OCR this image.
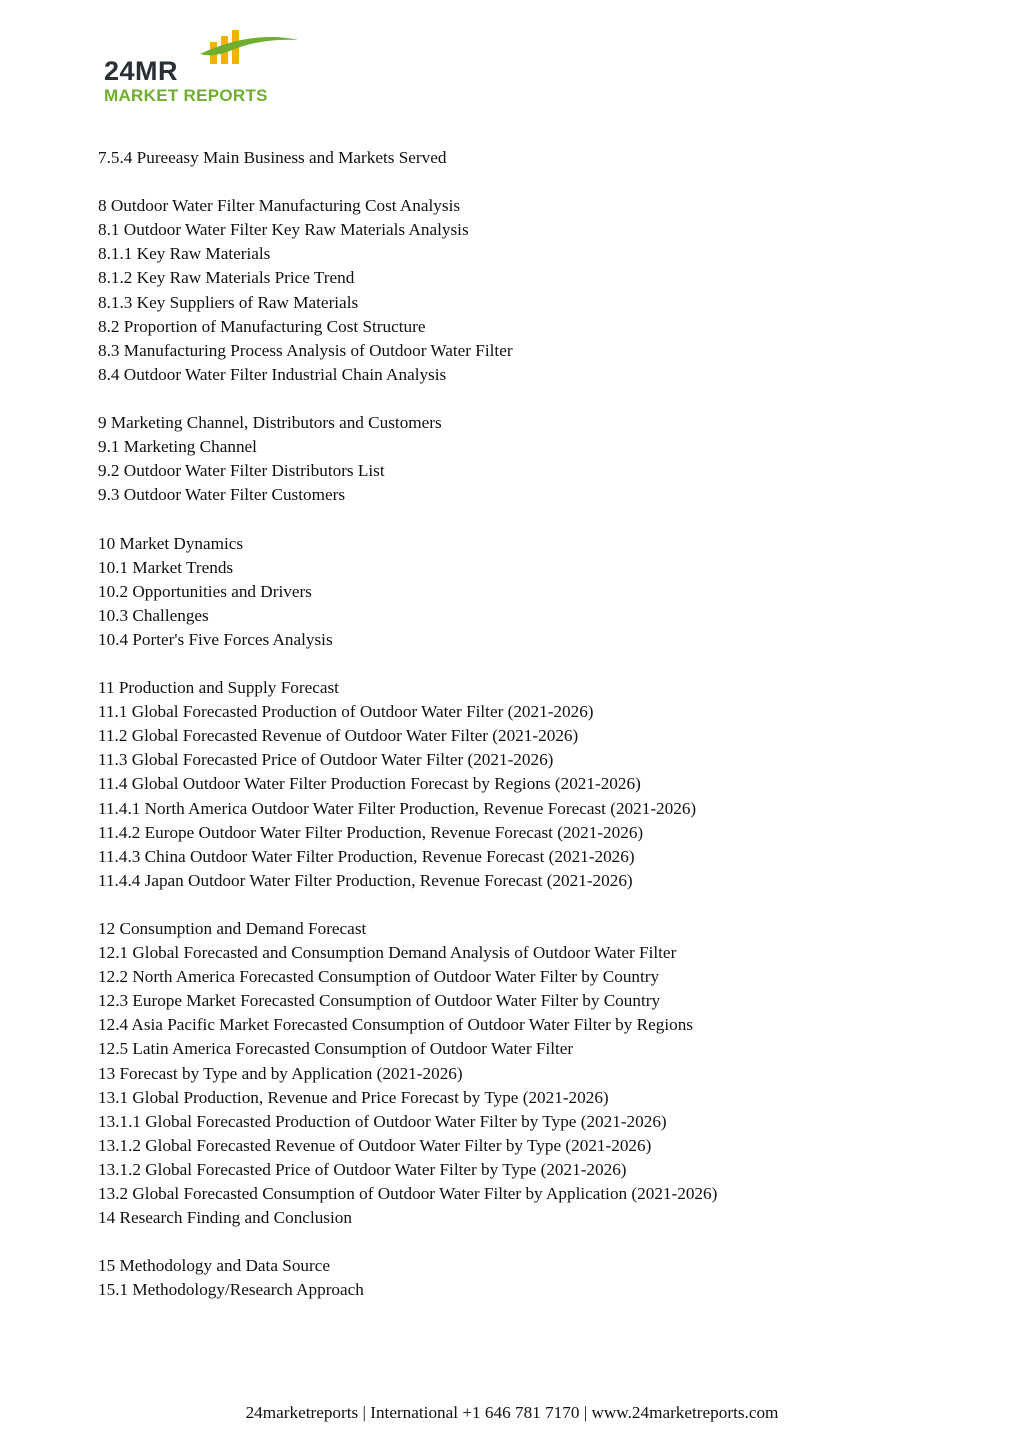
24MR
MARKET REPORTS
7.5.4 Pureeasy Main Business and Markets Served
8 Outdoor Water Filter Manufacturing Cost Analysis
8.1 Outdoor Water Filter Key Raw Materials Analysis
8.1.1 Key Raw Materials
8.1.2 Key Raw Materials Price Trend
8.1.3 Key Suppliers of Raw Materials
8.2 Proportion of Manufacturing Cost Structure
8.3 Manufacturing Process Analysis of Outdoor Water Filter
8.4 Outdoor Water Filter Industrial Chain Analysis
9 Marketing Channel, Distributors and Customers
9.1 Marketing Channel
9.2 Outdoor Water Filter Distributors List
9.3 Outdoor Water Filter Customers
10 Market Dynamics
10.1 Market Trends
10.2 Opportunities and Drivers
10.3 Challenges
10.4 Porter's Five Forces Analysis
11 Production and Supply Forecast
11.1 Global Forecasted Production of Outdoor Water Filter (2021-2026)
11.2 Global Forecasted Revenue of Outdoor Water Filter (2021-2026)
11.3 Global Forecasted Price of Outdoor Water Filter (2021-2026)
11.4 Global Outdoor Water Filter Production Forecast by Regions (2021-2026)
11.4.1 North America Outdoor Water Filter Production, Revenue Forecast (2021-2026)
11.4.2 Europe Outdoor Water Filter Production, Revenue Forecast (2021-2026)
11.4.3 China Outdoor Water Filter Production, Revenue Forecast (2021-2026)
11.4.4 Japan Outdoor Water Filter Production, Revenue Forecast (2021-2026)
12 Consumption and Demand Forecast
12.1 Global Forecasted and Consumption Demand Analysis of Outdoor Water Filter
12.2 North America Forecasted Consumption of Outdoor Water Filter by Country
12.3 Europe Market Forecasted Consumption of Outdoor Water Filter by Country
12.4 Asia Pacific Market Forecasted Consumption of Outdoor Water Filter by Regions
12.5 Latin America Forecasted Consumption of Outdoor Water Filter
13 Forecast by Type and by Application (2021-2026)
13.1 Global Production, Revenue and Price Forecast by Type (2021-2026)
13.1.1 Global Forecasted Production of Outdoor Water Filter by Type (2021-2026)
13.1.2 Global Forecasted Revenue of Outdoor Water Filter by Type (2021-2026)
13.1.2 Global Forecasted Price of Outdoor Water Filter by Type (2021-2026)
13.2 Global Forecasted Consumption of Outdoor Water Filter by Application (2021-2026)
14 Research Finding and Conclusion
15 Methodology and Data Source
15.1 Methodology/Research Approach
24marketreports | International +1 646 781 7170 | www.24marketreports.com
